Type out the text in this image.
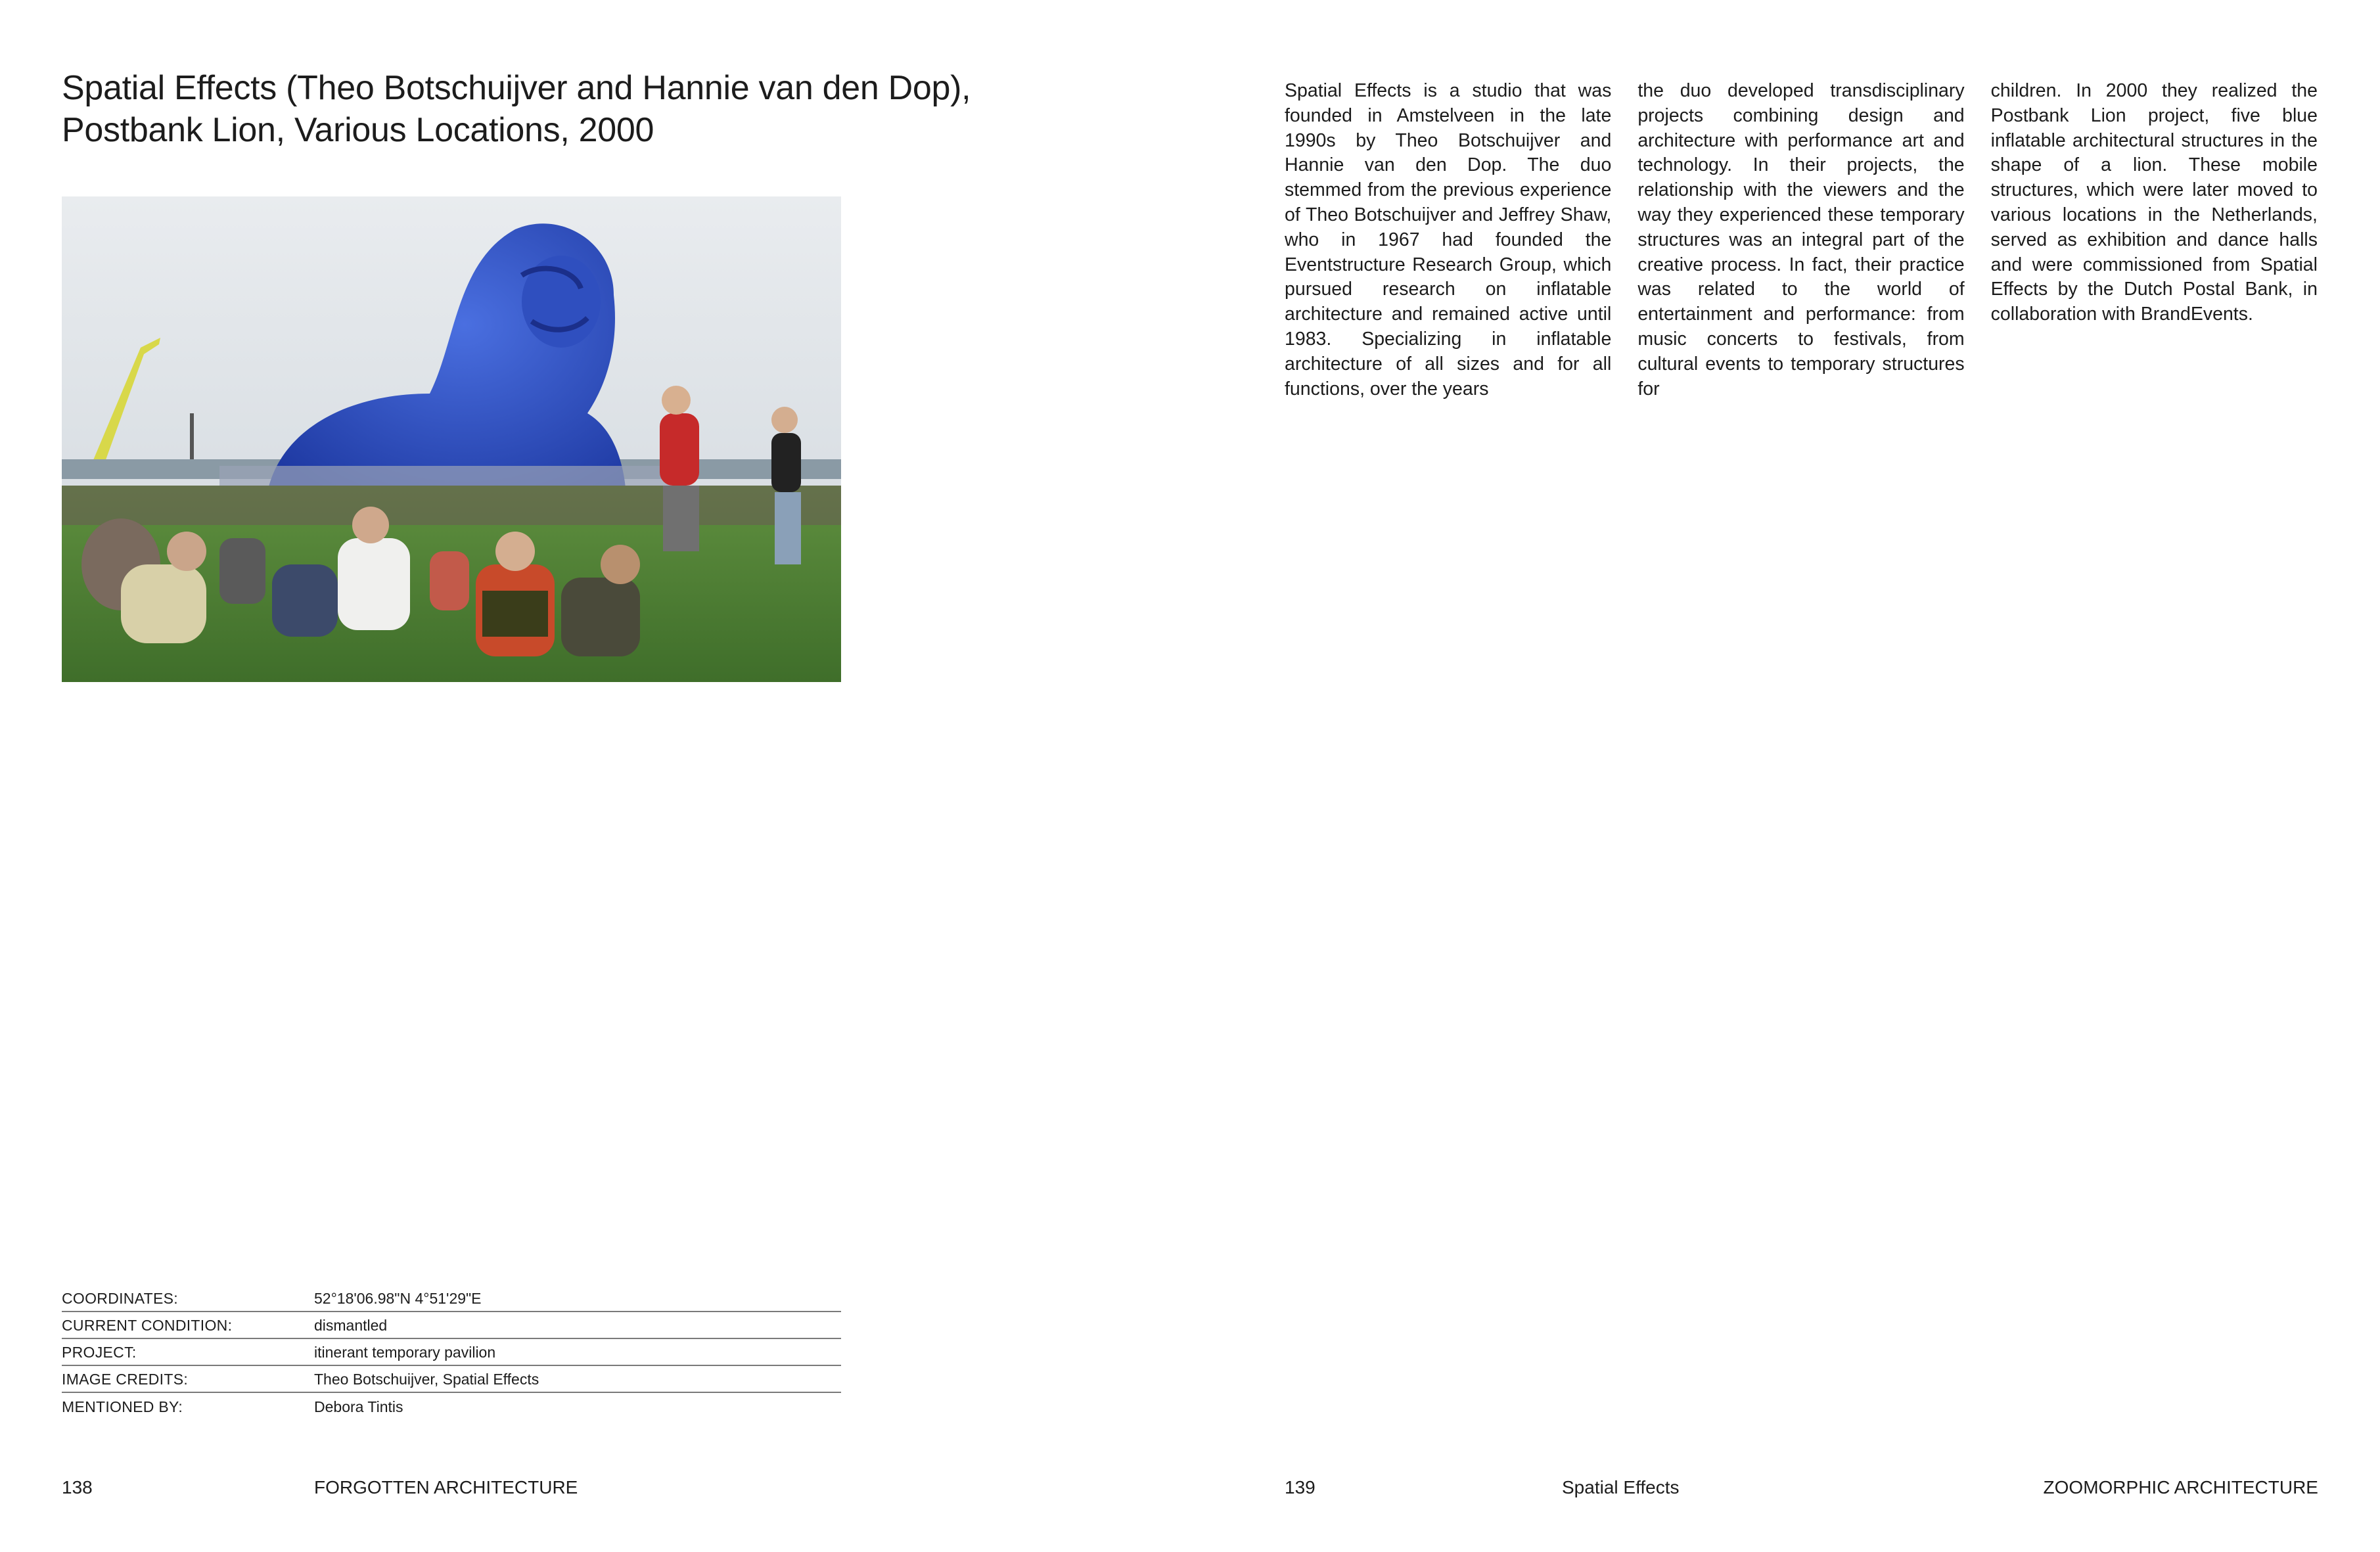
Spatial Effects (Theo Botschuijver and Hannie van den Dop),
Postbank Lion, Various Locations, 2000
COORDINATES:	52°18'06.98"N 4°51'29"E
CURRENT CONDITION:	dismantled
PROJECT:	itinerant temporary pavilion
IMAGE CREDITS:	Theo Botschuijver, Spatial Effects
MENTIONED BY:	Debora Tintis
138	FORGOTTEN ARCHITECTURE

Spatial Effects is a studio that was founded in Amstelveen in the late 1990s by Theo Botschuijver and Hannie van den Dop. The duo stemmed from the previous experience of Theo Botschuijver and Jeffrey Shaw, who in 1967 had founded the Eventstructure Research Group, which pursued research on inflatable architecture and remained active until 1983. Specializing in inflatable architecture of all sizes and for all functions, over the years

the duo developed transdisciplinary projects combining design and architecture with performance art and technology. In their projects, the relationship with the viewers and the way they experienced these temporary structures was an integral part of the creative process. In fact, their practice was related to the world of entertainment and performance: from music concerts to festivals, from cultural events to temporary structures for

children. In 2000 they realized the Postbank Lion project, five blue inflatable architectural structures in the shape of a lion. These mobile structures, which were later moved to various locations in the Netherlands, served as exhibition and dance halls and were commissioned from Spatial Effects by the Dutch Postal Bank, in collaboration with BrandEvents.

139	Spatial Effects	ZOOMORPHIC ARCHITECTURE
